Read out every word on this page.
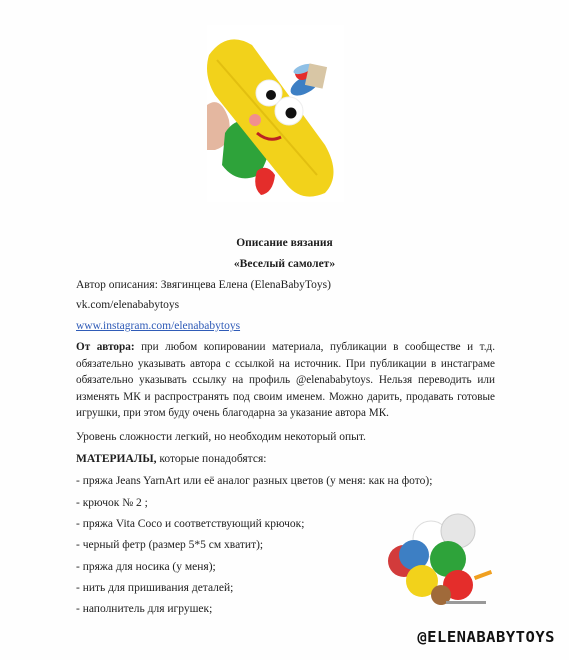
Описание вязания
«Веселый самолет»
Автор описания: Звягинцева Елена (ElenaBabyToys)
vk.com/elenababytoys
www.instagram.com/elenababytoys
От автора: при любом копировании материала, публикации в сообществе и т.д. обязательно указывать автора с ссылкой на источник. При публикации в инстаграме обязательно указывать ссылку на профиль @elenababytoys. Нельзя переводить или изменять МК и распространять под своим именем. Можно дарить, продавать готовые игрушки, при этом буду очень благодарна за указание автора МК.
Уровень сложности легкий, но необходим некоторый опыт.
МАТЕРИАЛЫ, которые понадобятся:
- пряжа Jeans YarnArt или её аналог разных цветов (у меня: как на фото);
- крючок № 2 ;
- пряжа Vita Coco и соответствующий крючок;
- черный фетр (размер 5*5 см хватит);
- пряжа для носика (у меня);
- нить для пришивания деталей;
- наполнитель для игрушек;
@ELENABABYTOYS
